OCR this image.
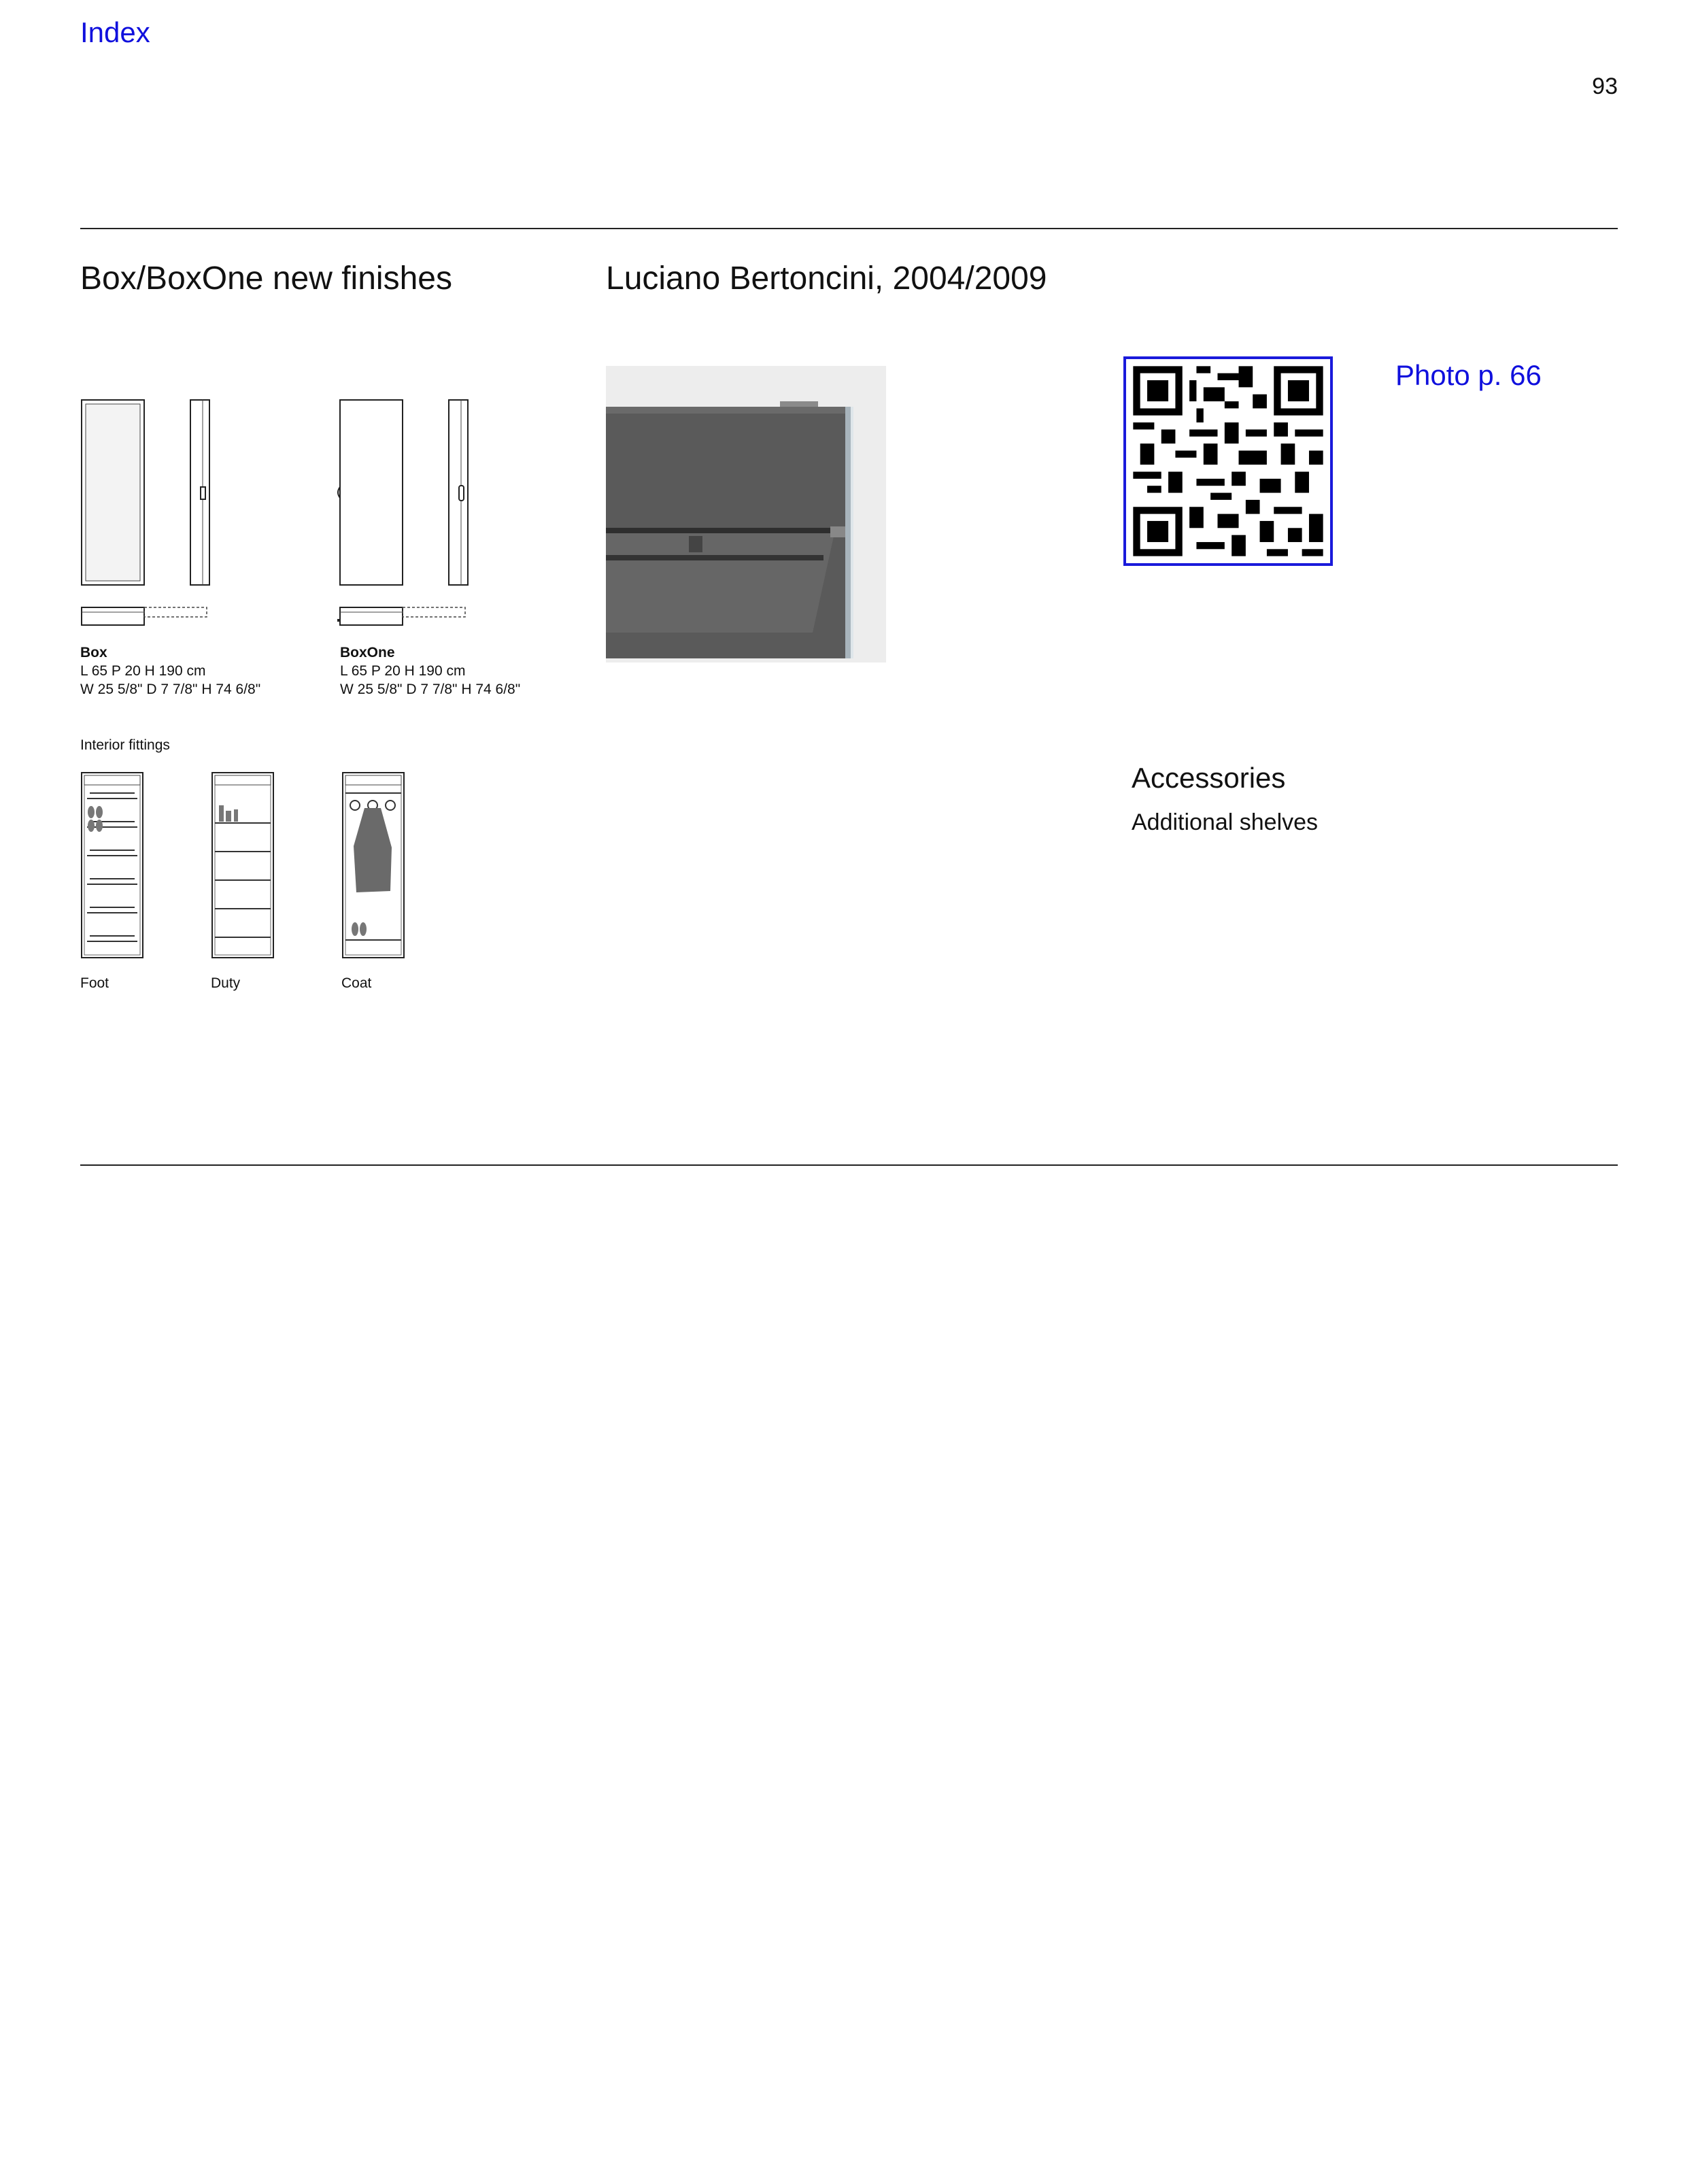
Index
93
Box/BoxOne new finishes	Luciano Bertoncini, 2004/2009
Box
L 65 P 20 H 190 cm
W 25 5/8" D 7 7/8" H 74 6/8"
BoxOne
L 65 P 20 H 190 cm
W 25 5/8" D 7 7/8" H 74 6/8"
Interior fittings
Foot	Duty	Coat
Photo p. 66
Accessories
Additional shelves
